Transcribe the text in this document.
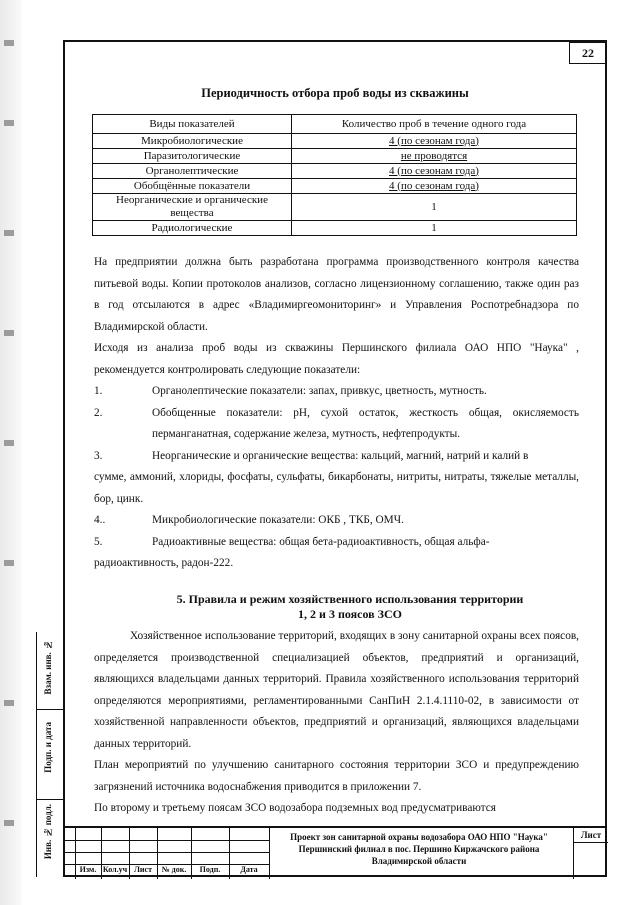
22
Периодичность отбора проб воды из скважины
Виды показателей	Количество проб в течение одного года
Микробиологические	4 (по сезонам года)
Паразитологические	не проводятся
Органолептические	4 (по сезонам года)
Обобщённые показатели	4 (по сезонам года)
Неорганические и органические вещества	1
Радиологические	1

На предприятии должна быть разработана программа производственного контроля качества питьевой воды. Копии протоколов анализов, согласно лицензионному соглашению, также один раз в год отсылаются в адрес «Владимиргеомониторинг» и Управления Роспотребнадзора по Владимирской области.

Исходя из анализа проб воды из скважины Першинского филиала ОАО НПО "Наука" , рекомендуется контролировать следующие показатели:

1.	Органолептические показатели: запах, привкус, цветность, мутность.
2.	Обобщенные показатели: pH, сухой остаток, жесткость общая, окисляемость перманганатная, содержание железа, мутность, нефтепродукты.
3.	Неорганические и органические вещества: кальций, магний, натрий и калий в

сумме, аммоний, хлориды, фосфаты, сульфаты, бикарбонаты, нитриты, нитраты, тяжелые металлы, бор, цинк.

4..	Микробиологические показатели: ОКБ , ТКБ, ОМЧ.
5.	Радиоактивные вещества: общая бета-радиоактивность, общая альфа-

радиоактивность, радон-222.

5. Правила и режим хозяйственного использования территории
1, 2 и 3 поясов ЗСО

Хозяйственное использование территорий, входящих в зону санитарной охраны всех поясов, определяется производственной специализацией объектов, предприятий и организаций, являющихся владельцами данных территорий. Правила хозяйственного использования территорий определяются мероприятиями, регламентированными СанПиН 2.1.4.1110-02, в зависимости от хозяйственной направленности объектов, предприятий и организаций, являющихся владельцами данных территорий.

План мероприятий по улучшению санитарного состояния территории ЗСО и предупреждению загрязнений источника водоснабжения приводится в приложении 7.

По второму и третьему поясам ЗСО водозабора подземных вод предусматриваются

Взам. инв. №
Подп. и дата
Инв. № подл.
Изм. Кол.уч Лист	№ док.	Подп.	Дата
Проект зон санитарной охраны водозабора ОАО НПО "Наука"
Першинский филиал в пос. Першино Киржачского района
Владимирской области
Лист
